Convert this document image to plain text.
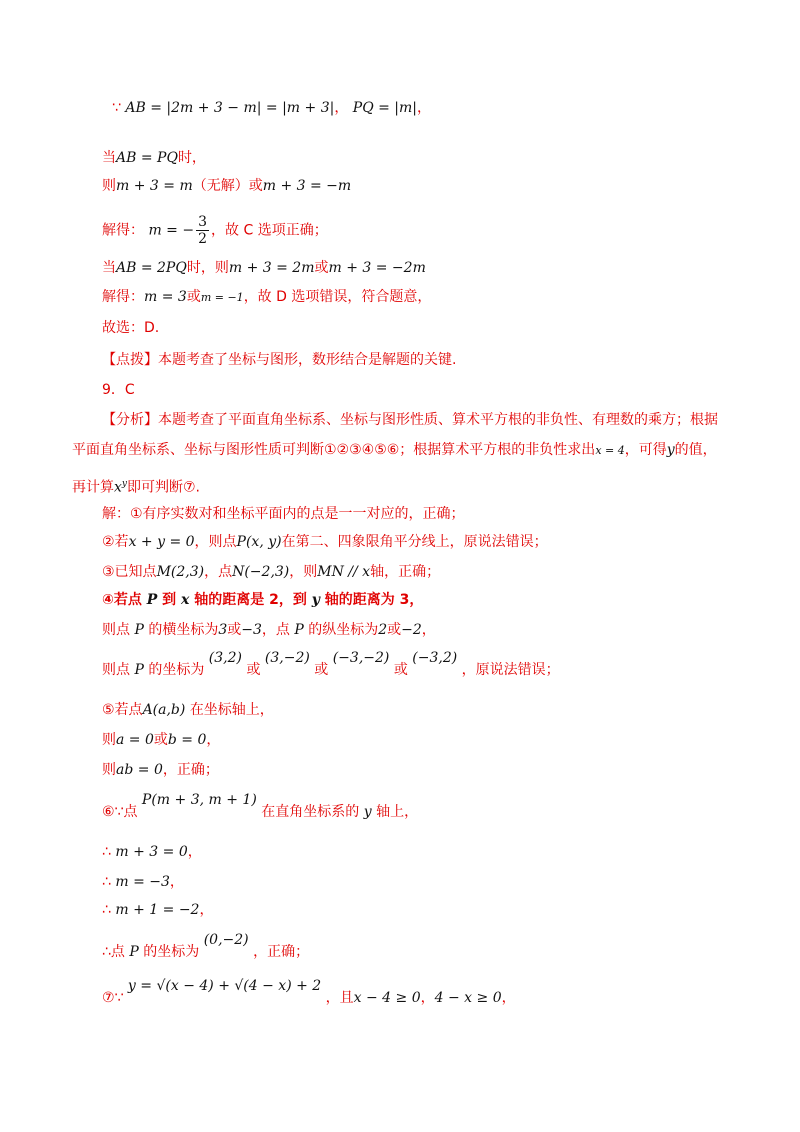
∵ AB = |2m + 3 − m| = |m + 3|， PQ = |m|，
当AB = PQ时，
则m + 3 = m（无解）或m + 3 = −m
解得： m = − $\frac{3}{2}$ ，故 C 选项正确；
当AB = 2PQ时，则m + 3 = 2m或m + 3 = −2m
解得：m = 3或m = −1，故 D 选项错误，符合题意，
故选：D.
【点拨】本题考查了坐标与图形，数形结合是解题的关键.
9．C
【分析】本题考查了平面直角坐标系、坐标与图形性质、算术平方根的非负性、有理数的乘方；根据
平面直角坐标系、坐标与图形性质可判断①②③④⑤⑥；根据算术平方根的非负性求出x = 4，可得y的值，
再计算$x^y$即可判断⑦.
解：①有序实数对和坐标平面内的点是一一对应的，正确；
②若x + y = 0，则点P(x, y)在第二、四象限角平分线上，原说法错误；
③已知点M(2,3)，点N(−2,3)，则MN // x轴，正确；
④若点 P 到 x 轴的距离是 2，到 y 轴的距离为 3，
则点 P 的横坐标为3或−3，点 P 的纵坐标为2或−2，
则点 P 的坐标为 (3,2) 或 (3,−2) 或 (−3,−2) 或 (−3,2) ，原说法错误；
⑤若点A(a,b) 在坐标轴上，
则a = 0或b = 0，
则ab = 0，正确；
⑥∵点 P(m + 3, m + 1) 在直角坐标系的 y 轴上，
∴ m + 3 = 0，
∴ m = −3，
∴ m + 1 = −2，
∴点 P 的坐标为 (0,−2) ，正确；
⑦∵ y = √(x − 4) + √(4 − x) + 2 ，且x − 4 ≥ 0，4 − x ≥ 0，
